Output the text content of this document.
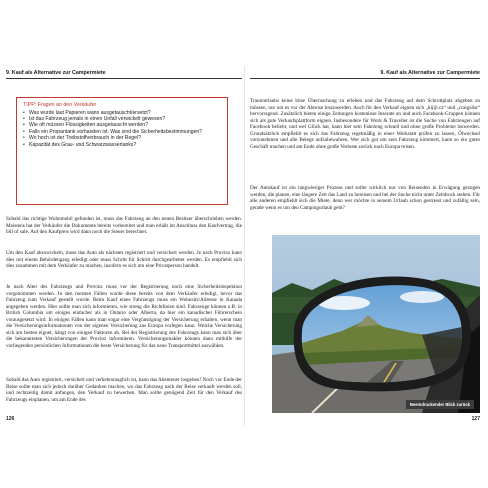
9. Kauf als Alternative zur Campermiete
TIPP: Fragen an den Verkäufer
• Was wurde laut Papieren wann ausgetauscht/ersetzt?
• Ist das Fahrzeug jemals in einen Unfall verwickelt gewesen?
• Wie oft müssen Flüssigkeiten ausgetauscht werden?
• Falls ein Propantank vorhanden ist: Was sind die Sicherheitsbestimmungen?
• Wo hoch ist der Treibstoffverbrauch in der Regel?
• Kapazität des Grau- und Schwarzwassertanks?

Sobald das richtige Wohnmobil gefunden ist, muss das Fahrzeug an den neuen Besitzer überschrieben werden. Meistens hat der Verkäufer die Dokumente bereits vorbereitet und man erhält im Anschluss den Kaufvertrag, die bill of sale. Auf den Kaufpreis wird dann noch die Steuer berechnet.

Um den Kauf abzuwickeln, muss das Auto als nächstes registriert und versichert werden. Je nach Provinz kann dies mit einem Behördengang erledigt oder muss Schritt für Schritt durchgearbeitet werden. Es empfiehlt sich dies zusammen mit dem Verkäufer zu machen, insofern es sich um eine Privatperson handelt.

Je nach Alter des Fahrzeugs und Provinz muss vor der Registrierung noch eine Sicherheitsinspektion vorgenommen werden. In den meisten Fällen wurde diese bereits von dem Verkäufer erledigt, bevor das Fahrzeug zum Verkauf gestellt wurde. Beim Kauf eines Fahrzeugs muss ein Wohnsitz/Adresse in Kanada angegeben werden. Hier sollte man sich informieren, wie streng die Richtlinien sind. Fahrzeuge können z.B. in British Columbia um einiges einfacher als in Ontario oder Alberta, da hier ein kanadischer Führerschein vorausgesetzt wird. In einigen Fällen kann man sogar eine Vergünstigung der Versicherung erhalten, wenn man die Versicherungsinformationen von der eigenen Versicherung aus Europa vorlegen kann. Welche Versicherung sich am besten eignet, hängt von einigen Faktoren ab. Bei der Registrierung des Fahrzeugs kann man sich über die bekanntesten Versicherungen der Provinz informieren. Versicherungsmakler können dann mithilfe der vorliegenden persönlichen Informationen die beste Versicherung für das neue Transportmittel auswählen.

Sobald das Auto registriert, versichert und verkehrstauglich ist, kann das Abenteuer losgehen! Noch vor Ende der Reise sollte man sich jedoch darüber Gedanken machen, wo das Fahrzeug nach der Reise verkauft werden soll, und rechtzeitig damit anfangen, den Verkauf zu bewerben. Man sollte genügend Zeit für den Verkauf des Fahrzeugs einplanen, um am Ende des

126
9. Kauf als Alternative zur Campermiete

Traumurlaubs keine böse Überraschung zu erleben und das Fahrzeug auf dem Schrottplatz abgeben zu müssen, nur um es vor der Abreise loszuwerden. Auch für den Verkauf eignen sich „kijiji.ca“ und „craigslist“ hervorragend. Zusätzlich bieten einige Zeitungen kostenlose Inserate an und auch Facebook-Gruppen können sich als gute Verkaufsplattform eignen. Insbesondere für Work & Traveller ist die Suche von Fahrzeugen auf Facebook beliebt, und wer Glück hat, kann hier sein Fahrzeug schnell und ohne große Probleme loswerden. Grundsätzlich empfiehlt es sich das Fahrzeug regelmäßig in einer Werkstatt prüfen zu lassen, Ölwechsel vorzunehmen und alle Belege aufzubewahren. Wer sich gut um sein Fahrzeug kümmert, kann so ein gutes Geschäft machen und am Ende ohne große Verluste zurück nach Europa reisen.

Der Autokauf ist ein langwieriger Prozess und sollte wirklich nur von Reisenden in Erwägung gezogen werden, die planen, eine längere Zeit das Land zu bereisen und bei der Suche nicht unter Zeitdruck stehen. Für alle anderen empfiehlt sich die Miete, denn wer möchte in seinem Urlaub schon gestresst und zufällig sein, gerade wenn es um den Campingurlaub geht?

Beeindruckender Blick zurück
127
